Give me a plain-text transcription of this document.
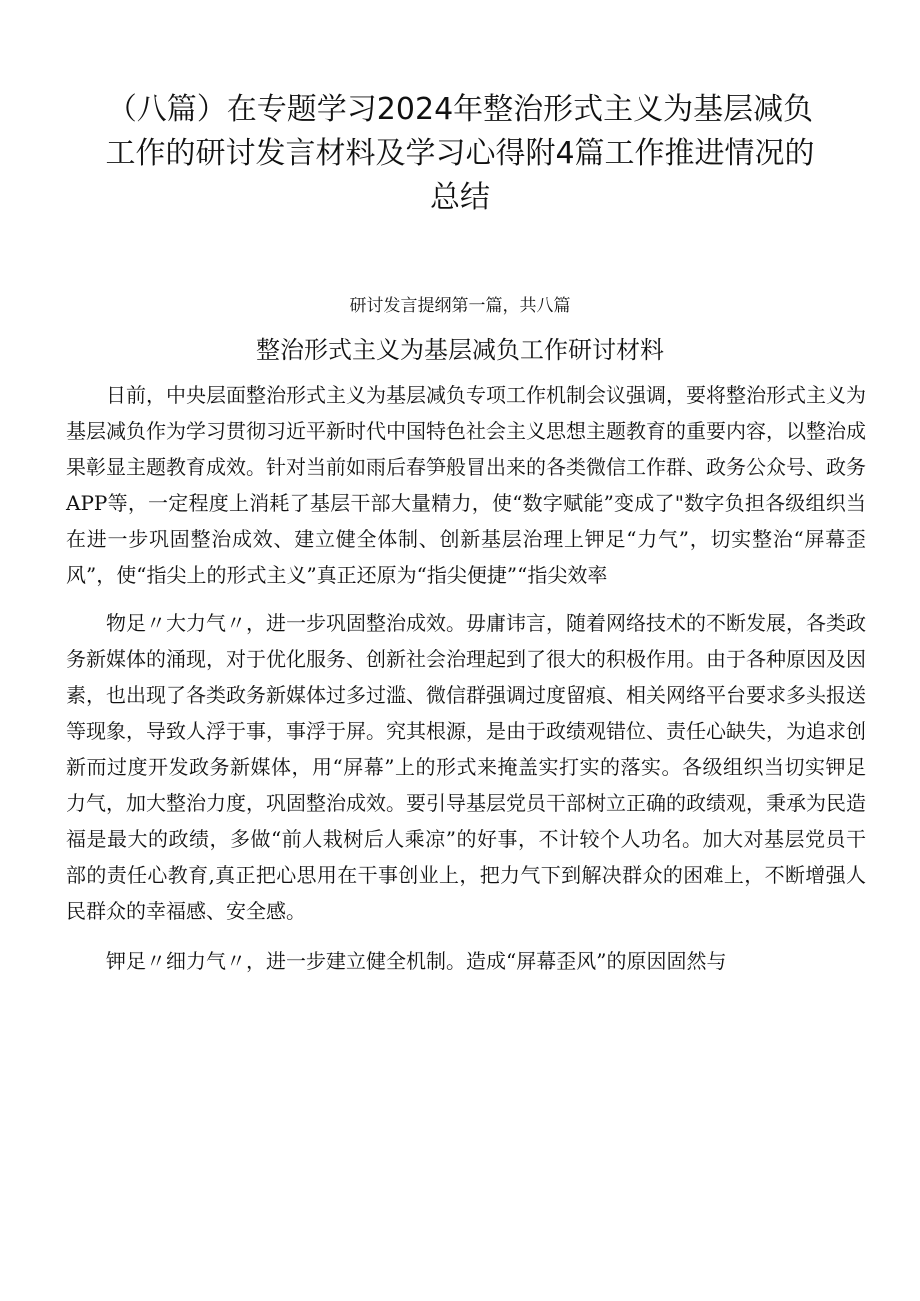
（八篇）在专题学习2024年整治形式主义为基层减负
工作的研讨发言材料及学习心得附4篇工作推进情况的
总结
研讨发言提纲第一篇，共八篇
整治形式主义为基层减负工作研讨材料

日前，中央层面整治形式主义为基层减负专项工作机制会议强调，要将整治形式主义为基层减负作为学习贯彻习近平新时代中国特色社会主义思想主题教育的重要内容，以整治成果彰显主题教育成效。针对当前如雨后春笋般冒出来的各类微信工作群、政务公众号、政务APP等，一定程度上消耗了基层干部大量精力，使“数字赋能”变成了"数字负担各级组织当在进一步巩固整治成效、建立健全体制、创新基层治理上钾足“力气”，切实整治“屏幕歪风”，使“指尖上的形式主义”真正还原为“指尖便捷”“指尖效率

物足〃大力气〃，进一步巩固整治成效。毋庸讳言，随着网络技术的不断发展，各类政务新媒体的涌现，对于优化服务、创新社会治理起到了很大的积极作用。由于各种原因及因素，也出现了各类政务新媒体过多过滥、微信群强调过度留痕、相关网络平台要求多头报送等现象，导致人浮于事，事浮于屏。究其根源，是由于政绩观错位、责任心缺失，为追求创新而过度开发政务新媒体，用“屏幕”上的形式来掩盖实打实的落实。各级组织当切实钾足力气，加大整治力度，巩固整治成效。要引导基层党员干部树立正确的政绩观，秉承为民造福是最大的政绩，多做“前人栽树后人乘凉”的好事，不计较个人功名。加大对基层党员干部的责任心教育,真正把心思用在干事创业上，把力气下到解决群众的困难上，不断增强人民群众的幸福感、安全感。

钾足〃细力气〃，进一步建立健全机制。造成“屏幕歪风”的原因固然与
